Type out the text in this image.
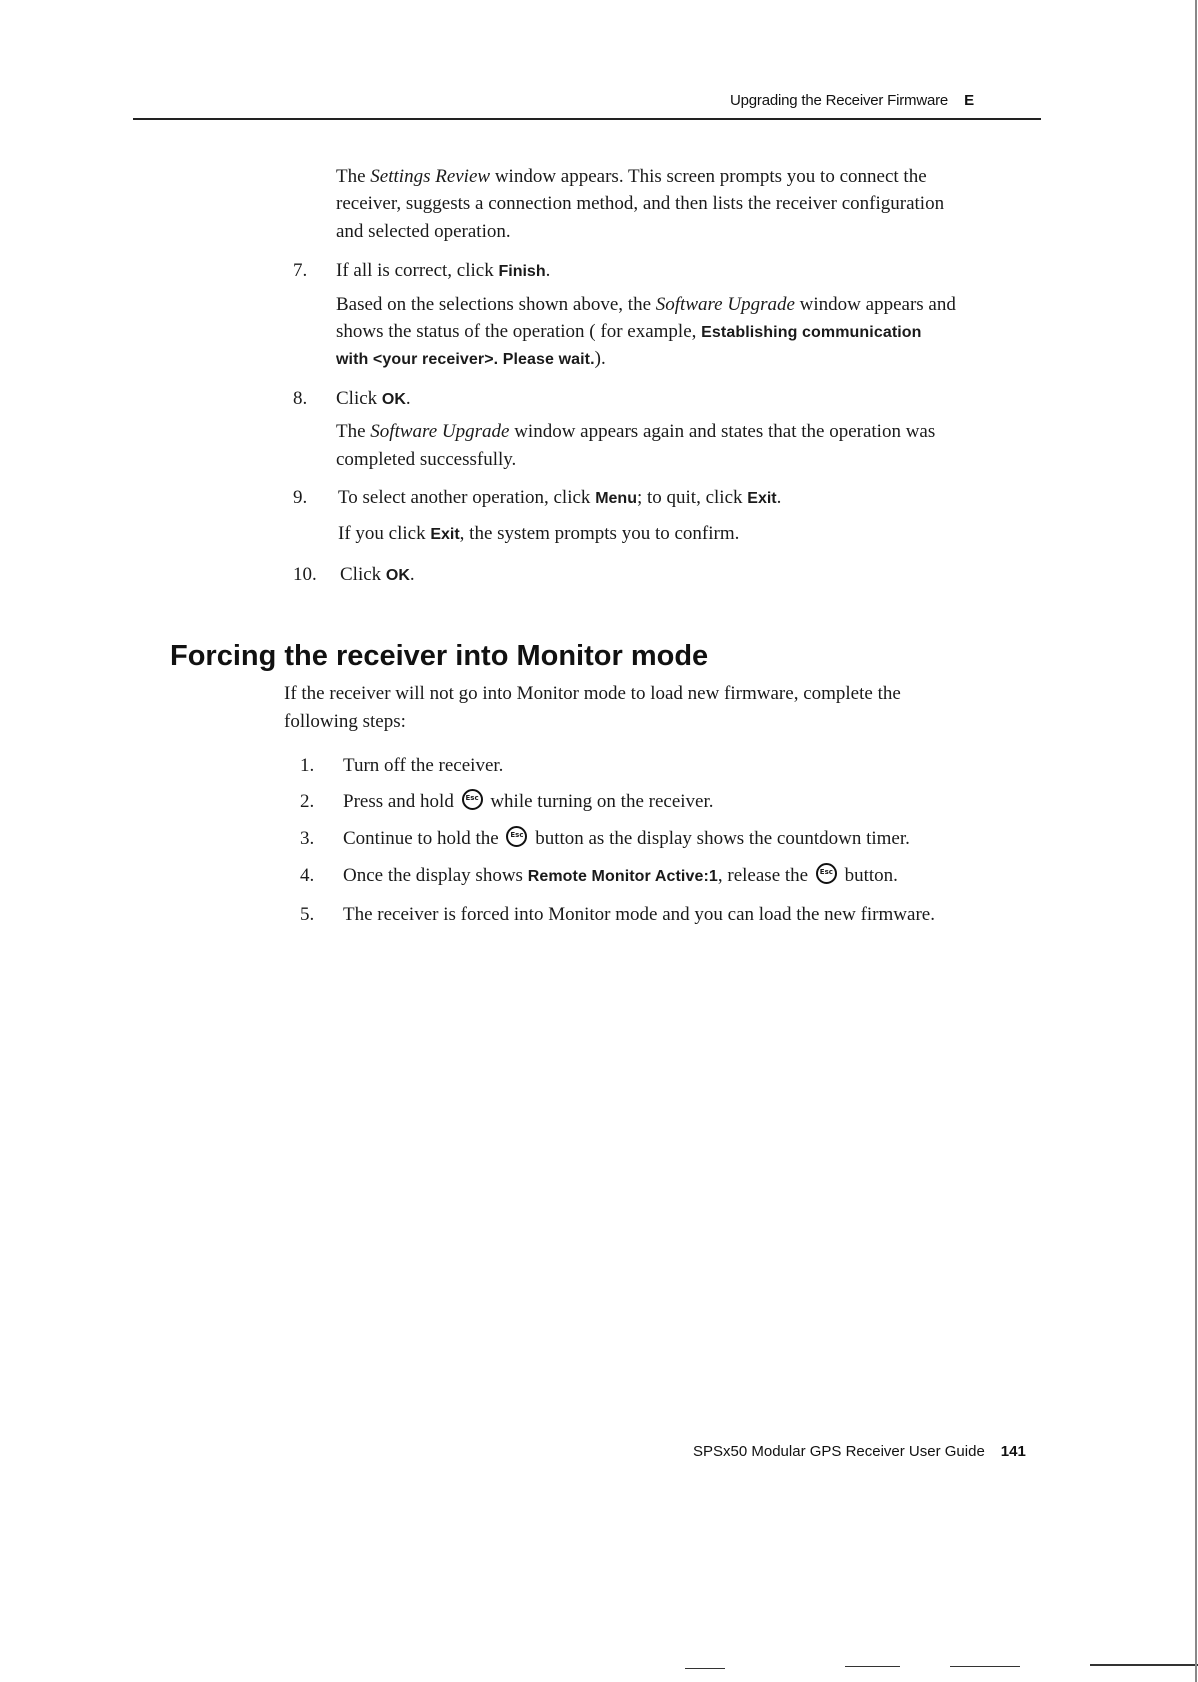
Upgrading the Receiver Firmware E
The Settings Review window appears. This screen prompts you to connect the
receiver, suggests a connection method, and then lists the receiver configuration
and selected operation.
7. If all is correct, click Finish.
Based on the selections shown above, the Software Upgrade window appears and
shows the status of the operation ( for example, Establishing communication
with <your receiver>. Please wait.).
8. Click OK.
The Software Upgrade window appears again and states that the operation was
completed successfully.
9. To select another operation, click Menu; to quit, click Exit.
If you click Exit, the system prompts you to confirm.
10. Click OK.
Forcing the receiver into Monitor mode
If the receiver will not go into Monitor mode to load new firmware, complete the
following steps:
1. Turn off the receiver.
2. Press and hold Esc while turning on the receiver.
3. Continue to hold the Esc button as the display shows the countdown timer.
4. Once the display shows Remote Monitor Active:1, release the Esc button.
5. The receiver is forced into Monitor mode and you can load the new firmware.
SPSx50 Modular GPS Receiver User Guide 141
